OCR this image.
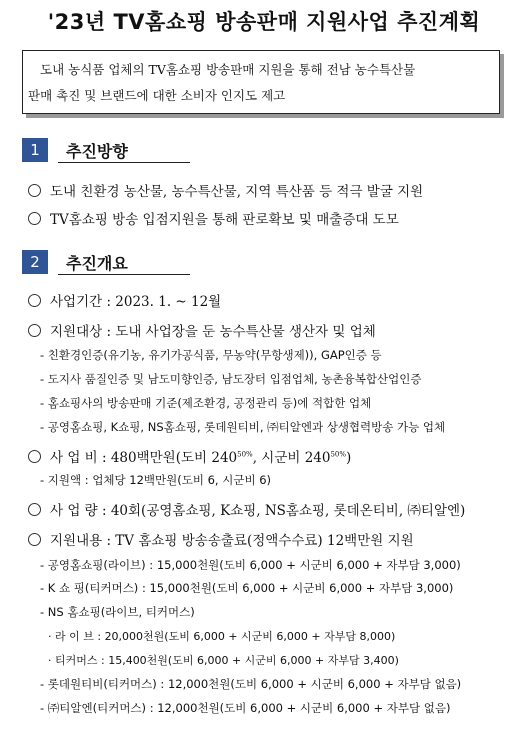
'23년 TV홈쇼핑 방송판매 지원사업 추진계획
도내 농식품 업체의 TV홈쇼핑 방송판매 지원을 통해 전남 농수특산물
판매 촉진 및 브랜드에 대한 소비자 인지도 제고
1	추진방향
도내 친환경 농산물, 농수특산물, 지역 특산품 등 적극 발굴 지원
TV홈쇼핑 방송 입점지원을 통해 판로확보 및 매출증대 도모
2	추진개요
사업기간 : 2023. 1. ~ 12월
지원대상 : 도내 사업장을 둔 농수특산물 생산자 및 업체
- 친환경인증(유기농, 유기가공식품, 무농약(무항생제)), GAP인증 등
- 도지사 품질인증 및 남도미향인증, 남도장터 입점업체, 농촌융복합산업인증
- 홈쇼핑사의 방송판매 기준(제조환경, 공정관리 등)에 적합한 업체
- 공영홈쇼핑, K쇼핑, NS홈쇼핑, 롯데원티비, ㈜티알엔과 상생협력방송 가능 업체
사 업 비 : 480백만원(도비 $240^{50\%}$, 시군비 $240^{50\%}$)
- 지원액 : 업체당 12백만원(도비 6, 시군비 6)
사 업 량 : 40회(공영홈쇼핑, K쇼핑, NS홈쇼핑, 롯데온티비, ㈜티알엔)
지원내용 : TV 홈쇼핑 방송송출료(정액수수료) 12백만원 지원
- 공영홈쇼핑(라이브) : 15,000천원(도비 6,000 + 시군비 6,000 + 자부담 3,000)
- K 쇼 핑(티커머스) : 15,000천원(도비 6,000 + 시군비 6,000 + 자부담 3,000)
- NS 홈쇼핑(라이브, 티커머스)
· 라 이 브 : 20,000천원(도비 6,000 + 시군비 6,000 + 자부담 8,000)
· 티커머스 : 15,400천원(도비 6,000 + 시군비 6,000 + 자부담 3,400)
- 롯데원티비(티커머스) : 12,000천원(도비 6,000 + 시군비 6,000 + 자부담 없음)
- ㈜티알엔(티커머스) : 12,000천원(도비 6,000 + 시군비 6,000 + 자부담 없음)
